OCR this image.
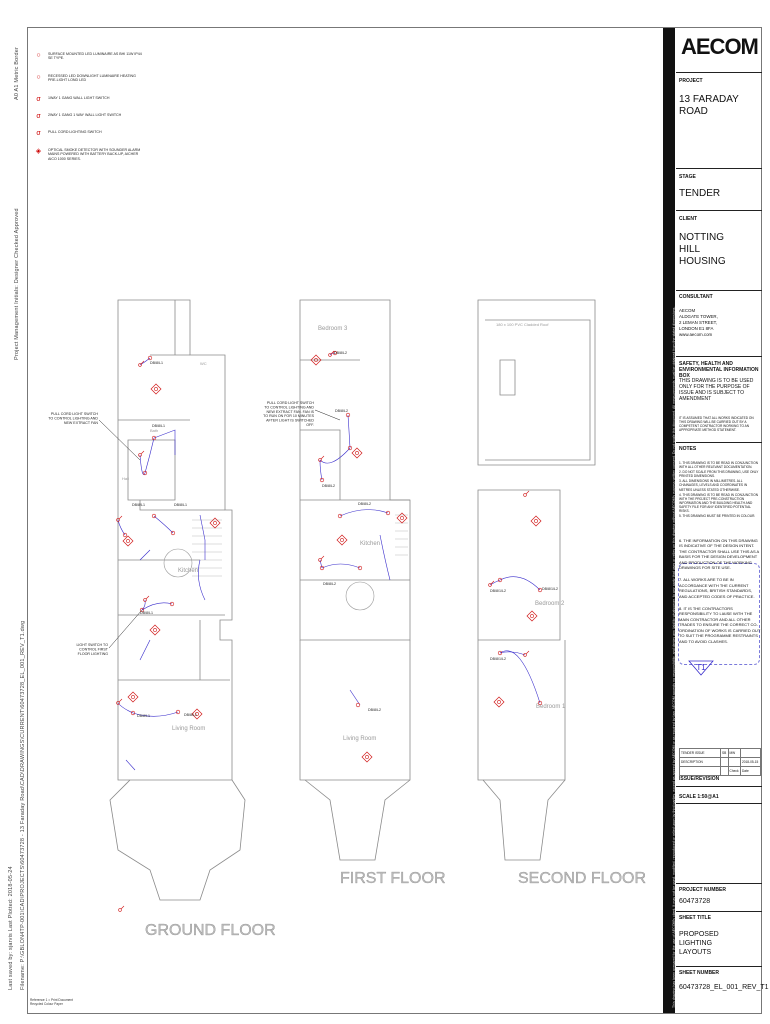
A0 A1 Metric Border
Project Management Initials: Designer Checked Approved
Filename: P:\GBLON4TP-001\CAD\PROJECTS\60473728 - 13 Faraday Road\CAD\DRAWINGS\CURRENT\60473728_EL_001_REV_T1.dwg
Last saved by: sjarvis Last Plotted: 2018-05-24
○	SURFACE MOUNTED LED LUMINAIRE AS BHI 11W IP44 SE TYPE.
○	RECESSED LED DOWNLIGHT LUMINAIRE HEATING PRE-LIGHT LOND LED
σ	1WAY 1 GANG WALL LIGHT SWITCH
σ	2WAY 1 GANG 1 WAY WALL LIGHT SWITCH
σ	PULL CORD LIGHTING SWITCH
◈	OPTICAL SMOKE DETECTOR WITH SOUNDER ALARM MAINS POWERED WITH BATTERY BACK-UP, AICHER AICO 1000 SERIES.
GROUND FLOOR
FIRST FLOOR	SECOND FLOOR
Bedroom 3
Bedroom 2
Bedroom 1
Kitchen
Living Room
Kitchen
Living Room
Hall
Bath
WC
180 x 100 PVC Cladded Roof
PULL CORD LIGHT SWITCH TO CONTROL LIGHTING AND NEW EXTRACT FAN
LIGHT SWITCH TO CONTROL FIRST FLOOR LIGHTING
PULL CORD LIGHT SWITCH TO CONTROL LIGHTING AND NEW EXTRACT FAN. FAN IS TO RUN ON FOR 10 MINUTES AFTER LIGHT IS SWITCHED OFF.
DB/8/L1
DB/8/L1
DB/8/L1	DB/8/L1
DB/8/L1
DB/8/L1	DB/8/L1
DB/8/L2
DB/8/L2
DB/8/L2
DB/8/L2
DB/8/L2
DB/8/L2
DB/8/1/L2	DB/8/1/L2
DB/8/1/L2	This drawing has been prepared for the use of AECOM's client. It may not be used, modified, reproduced or relied upon by third parties, except as agreed by AECOM or as required by law. AECOM accepts no responsibility, and denies any liability whatsoever, to any party that uses or relies on this drawing without AECOM's express written consent. Do not scale this document. All measurements must be obtained from the stated dimensions.
AECOM
PROJECT
13 FARADAY ROAD
STAGE
TENDER
CLIENT
NOTTING HILL HOUSING
CONSULTANT
AECOM
ALDGATE TOWER,
2 LEMAN STREET,
LONDON E1 8FA
www.aecom.com
SAFETY, HEALTH AND ENVIRONMENTAL INFORMATION BOX
THIS DRAWING IS TO BE USED ONLY FOR THE PURPOSE OF ISSUE AND IS SUBJECT TO AMENDMENT
IT IS ASSUMED THAT ALL WORKS INDICATED ON THIS DRAWING WILL BE CARRIED OUT BY A COMPETENT CONTRACTOR WORKING TO AN APPROPRIATE METHOD STATEMENT.
NOTES
1. THIS DRAWING IS TO BE READ IN CONJUNCTION WITH ALL OTHER RELEVANT DOCUMENTATION.
2. DO NOT SCALE FROM THIS DRAWING, USE ONLY PRINTED DIMENSIONS.
3. ALL DIMENSIONS IN MILLIMETRES. ALL CHAINAGES, LEVELS AND COORDINATES IN METRES UNLESS STATED OTHERWISE.
4. THIS DRAWING IS TO BE READ IN CONJUNCTION WITH THE PROJECT PRE-CONSTRUCTION INFORMATION AND THE BUILDING HEALTH AND SAFETY FILE FOR ANY IDENTIFIED POTENTIAL RISKS.
5. THIS DRAWING MUST BE PRINTED IN COLOUR.
6. THE INFORMATION ON THIS DRAWING IS INDICATIVE OF THE DESIGN INTENT. THE CONTRACTOR SHALL USE THIS AS A BASIS FOR THE DESIGN DEVELOPMENT AND PRODUCTION OF THE WORKING DRAWINGS FOR SITE USE.
7. ALL WORKS ARE TO BE IN ACCORDANCE WITH THE CURRENT REGULATIONS, BRITISH STANDARDS, AND ACCEPTED CODES OF PRACTICE.
8. IT IS THE CONTRACTORS RESPONSIBILITY TO LIAISE WITH THE MAIN CONTRACTOR AND ALL OTHER TRADES TO ENSURE THE CORRECT CO-ORDINATION OF WORKS IS CARRIED OUT TO SUIT THE PROGRAMME RESTRAINTS AND TO AVOID CLASHES.
T1
TENDER ISSUE	SB	MW	
DESCRIPTION			2018-05-15
		Check	Date
ISSUE/REVISION
SCALE 1:50@A1
PROJECT NUMBER
60473728
SHEET TITLE
PROPOSED LIGHTING LAYOUTS
SHEET NUMBER
60473728_EL_001_REV_T1
Reference 1 = Print Document
Recycled Colour Paper
